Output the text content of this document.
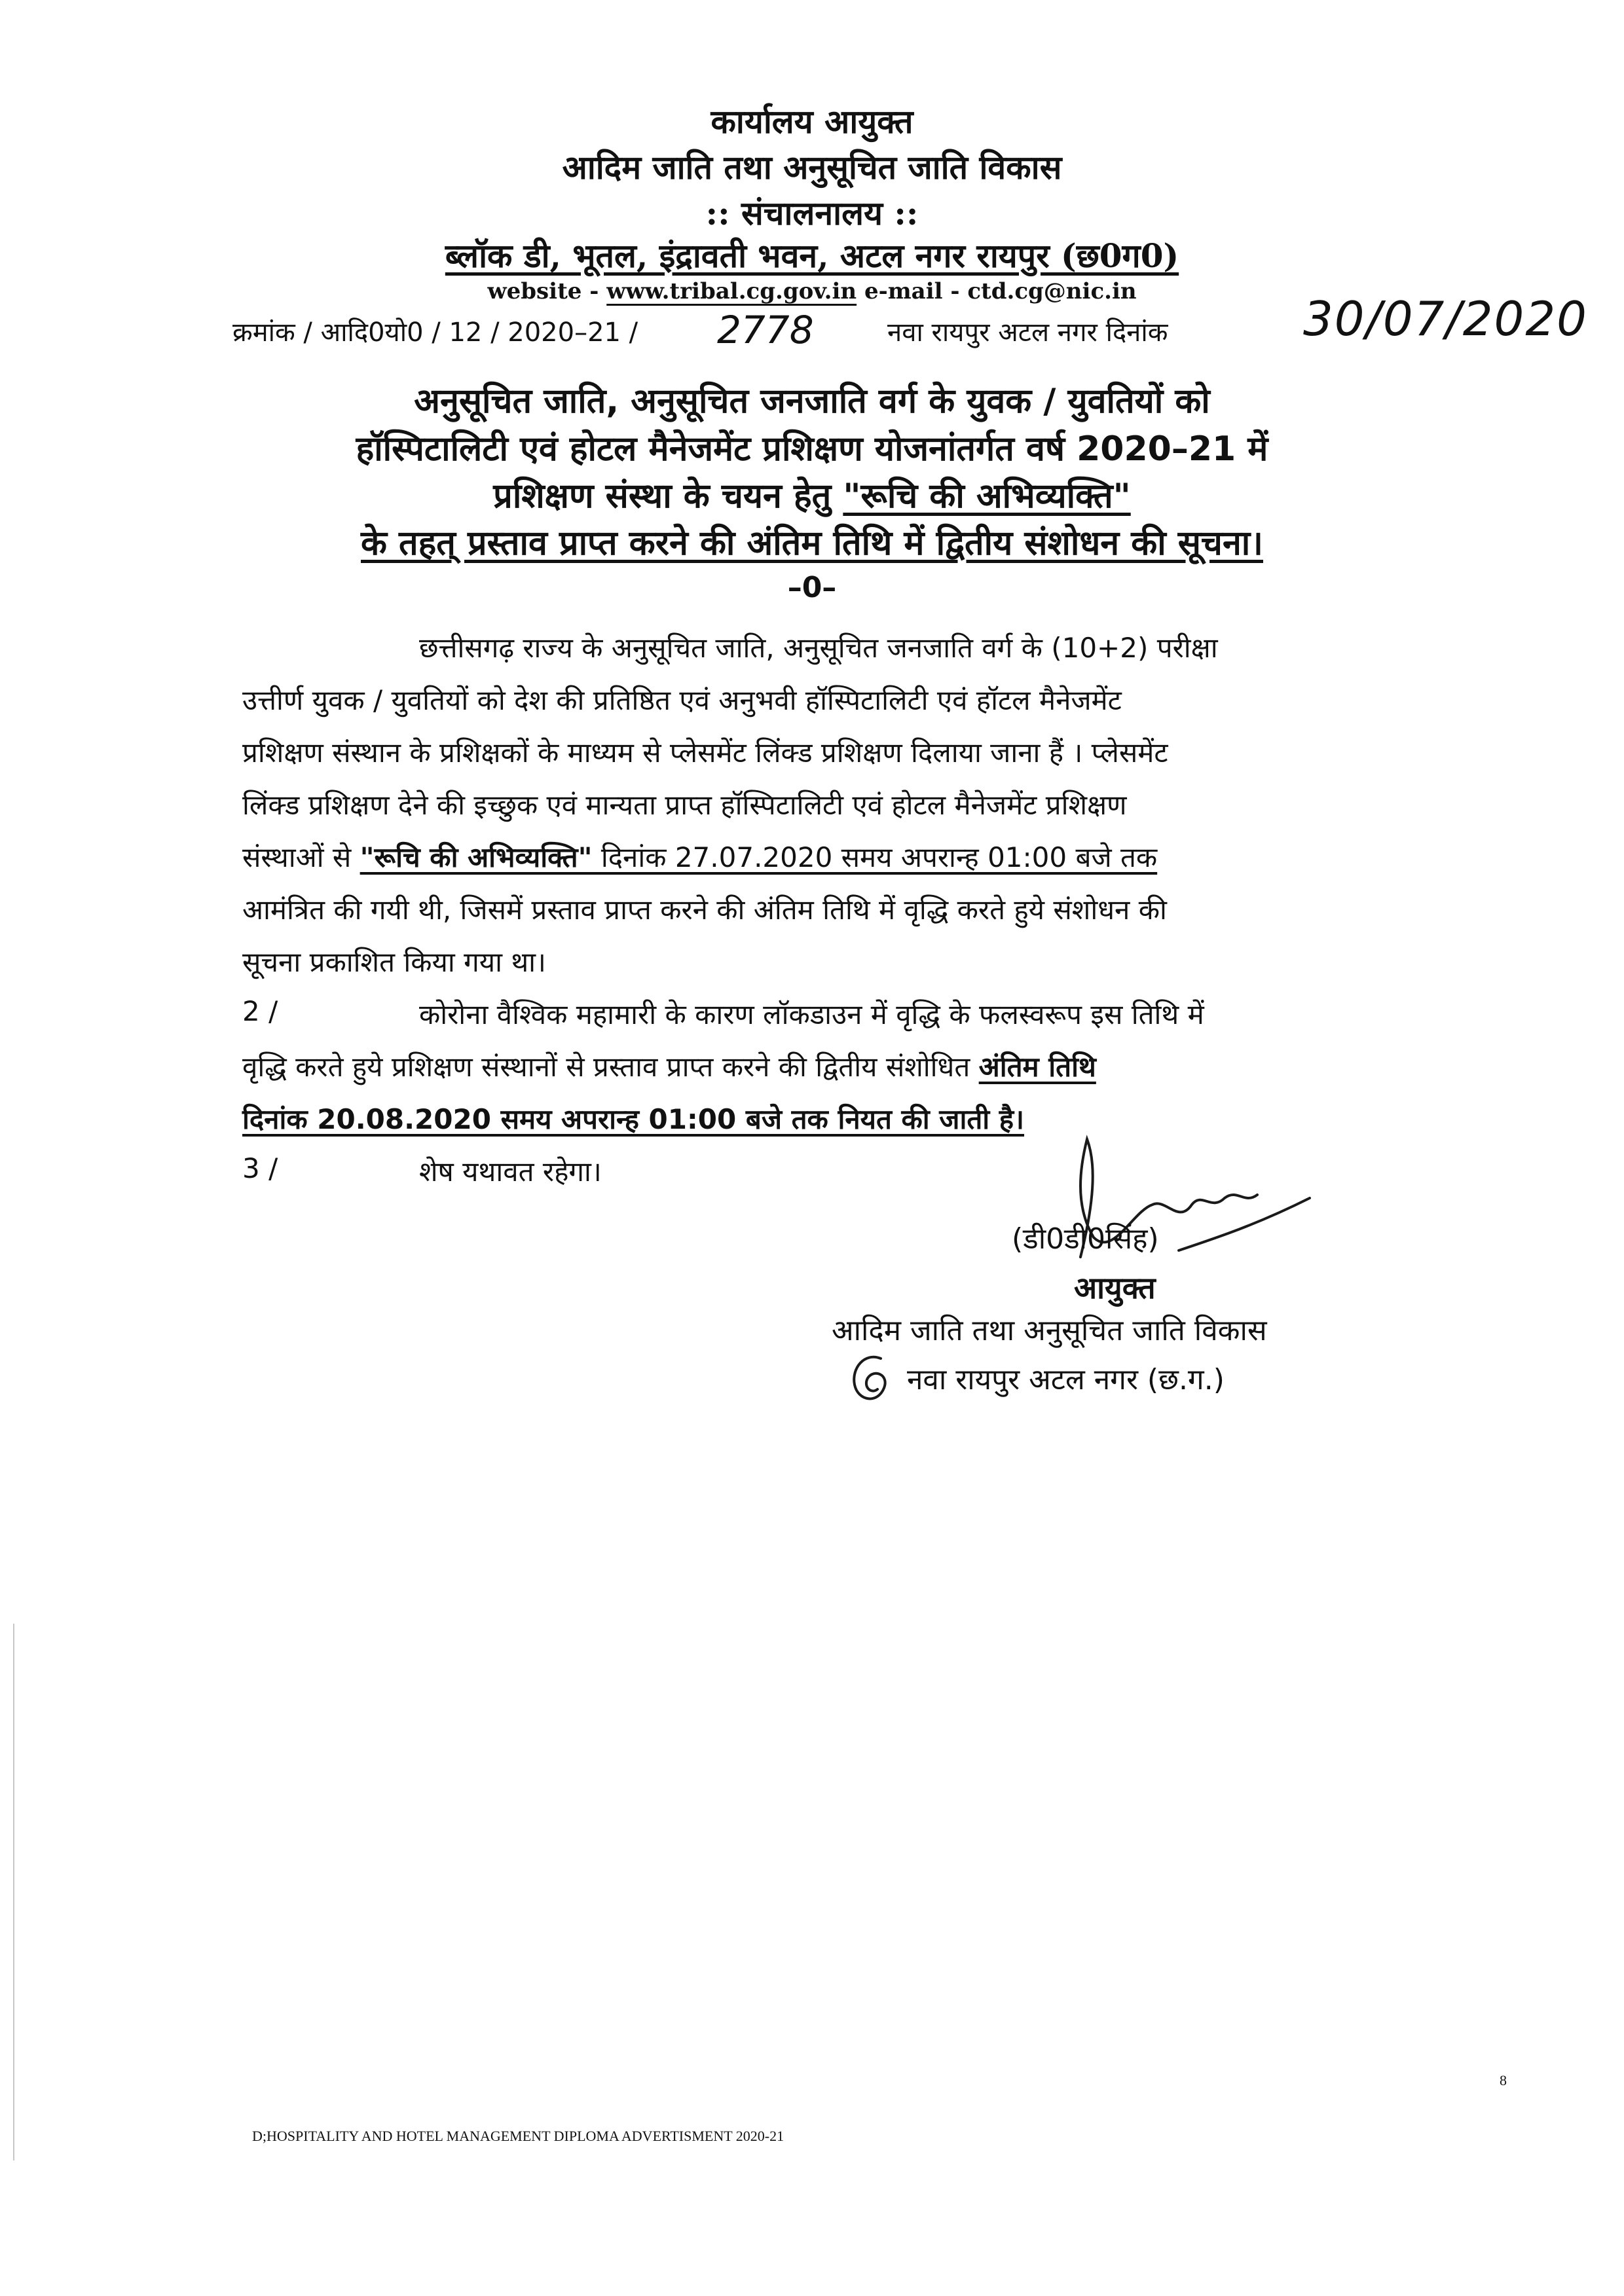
कार्यालय आयुक्त
आदिम जाति तथा अनुसूचित जाति विकास
:: संचालनालय ::
ब्लॉक डी, भूतल, इंद्रावती भवन, अटल नगर रायपुर (छ0ग0)
website - www.tribal.cg.gov.in e-mail - ctd.cg@nic.in
क्रमांक / आदि0यो0 / 12 / 2020–21 / 2778	नवा रायपुर अटल नगर दिनांक	30/07/2020
अनुसूचित जाति, अनुसूचित जनजाति वर्ग के युवक / युवतियों को
हॉस्पिटालिटी एवं होटल मैनेजमेंट प्रशिक्षण योजनांतर्गत वर्ष 2020–21 में
प्रशिक्षण संस्था के चयन हेतु "रूचि की अभिव्यक्ति"
के तहत् प्रस्ताव प्राप्त करने की अंतिम तिथि में द्वितीय संशोधन की सूचना।
–0–
छत्तीसगढ़ राज्य के अनुसूचित जाति, अनुसूचित जनजाति वर्ग के (10+2) परीक्षा
उत्तीर्ण युवक / युवतियों को देश की प्रतिष्ठित एवं अनुभवी हॉस्पिटालिटी एवं हॉटल मैनेजमेंट
प्रशिक्षण संस्थान के प्रशिक्षकों के माध्यम से प्लेसमेंट लिंक्ड प्रशिक्षण दिलाया जाना हैं । प्लेसमेंट
लिंक्ड प्रशिक्षण देने की इच्छुक एवं मान्यता प्राप्त हॉस्पिटालिटी एवं होटल मैनेजमेंट प्रशिक्षण
संस्थाओं से "रूचि की अभिव्यक्ति" दिनांक 27.07.2020 समय अपरान्ह 01:00 बजे तक
आमंत्रित की गयी थी, जिसमें प्रस्ताव प्राप्त करने की अंतिम तिथि में वृद्धि करते हुये संशोधन की
सूचना प्रकाशित किया गया था।
2 /	कोरोना वैश्विक महामारी के कारण लॉकडाउन में वृद्धि के फलस्वरूप इस तिथि में
वृद्धि करते हुये प्रशिक्षण संस्थानों से प्रस्ताव प्राप्त करने की द्वितीय संशोधित अंतिम तिथि
दिनांक 20.08.2020 समय अपरान्ह 01:00 बजे तक नियत की जाती है।
3 /	शेष यथावत रहेगा।
(डी0डी0सिंह)
आयुक्त
आदिम जाति तथा अनुसूचित जाति विकास
नवा रायपुर अटल नगर (छ.ग.)
8
D;HOSPITALITY AND HOTEL MANAGEMENT DIPLOMA ADVERTISMENT 2020-21
